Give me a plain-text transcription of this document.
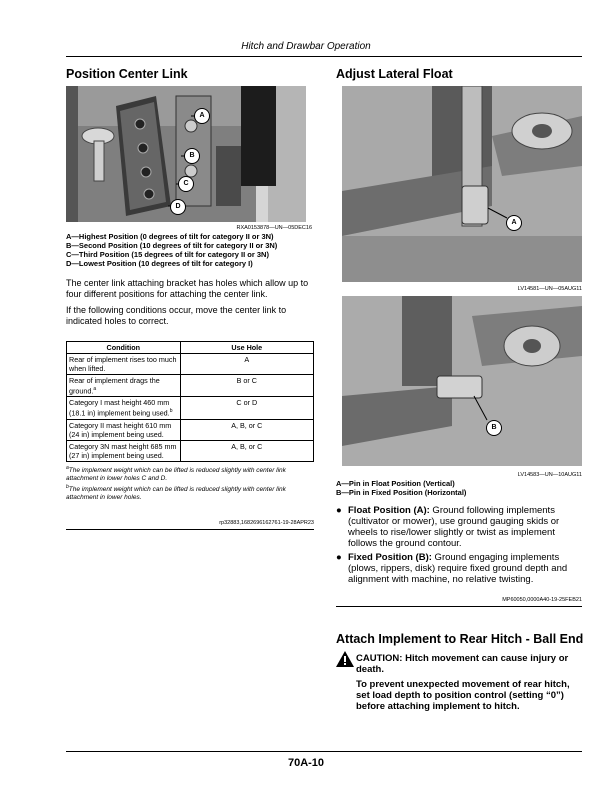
Hitch and Drawbar Operation
Position Center Link
A
B
C
D
RXA0153878—UN—05DEC16
A—Highest Position (0 degrees of tilt for category II or 3N)
B—Second Position (10 degrees of tilt for category II or 3N)
C—Third Position (15 degrees of tilt for category II or 3N)
D—Lowest Position (10 degrees of tilt for category I)
The center link attaching bracket has holes which allow up to four different positions for attaching the center link.
If the following conditions occur, move the center link to indicated holes to correct.
Condition	Use Hole
Rear of implement rises too much when lifted.	A
Rear of implement drags the ground.$^a$	B or C
Category I mast height 460 mm (18.1 in) implement being used.$^b$	C or D
Category II mast height 610 mm (24 in) implement being used.	A, B, or C
Category 3N mast height 685 mm (27 in) implement being used.	A, B, or C
$^a$The implement weight which can be lifted is reduced slightly with center link attachment in lower holes C and D.
$^b$The implement weight which can be lifted is reduced slightly with center link attachment in lower holes.
rp32883,1682696162761-19-28APR23
Adjust Lateral Float
A
LV14581—UN—05AUG11
B
LV14583—UN—10AUG11
A—Pin in Float Position (Vertical)
B—Pin in Fixed Position (Horizontal)
● Float Position (A): Ground following implements (cultivator or mower), use ground gauging skids or wheels to rise/lower slightly or twist as implement follows the ground contour.
● Fixed Position (B): Ground engaging implements (plows, rippers, disk) require fixed ground depth and alignment with machine, no relative twisting.
MP60050,0000A40-19-25FEB21
Attach Implement to Rear Hitch - Ball End
CAUTION: Hitch movement can cause injury or death.
To prevent unexpected movement of rear hitch, set load depth to position control (setting “0”) before attaching implement to hitch.
70A-10
